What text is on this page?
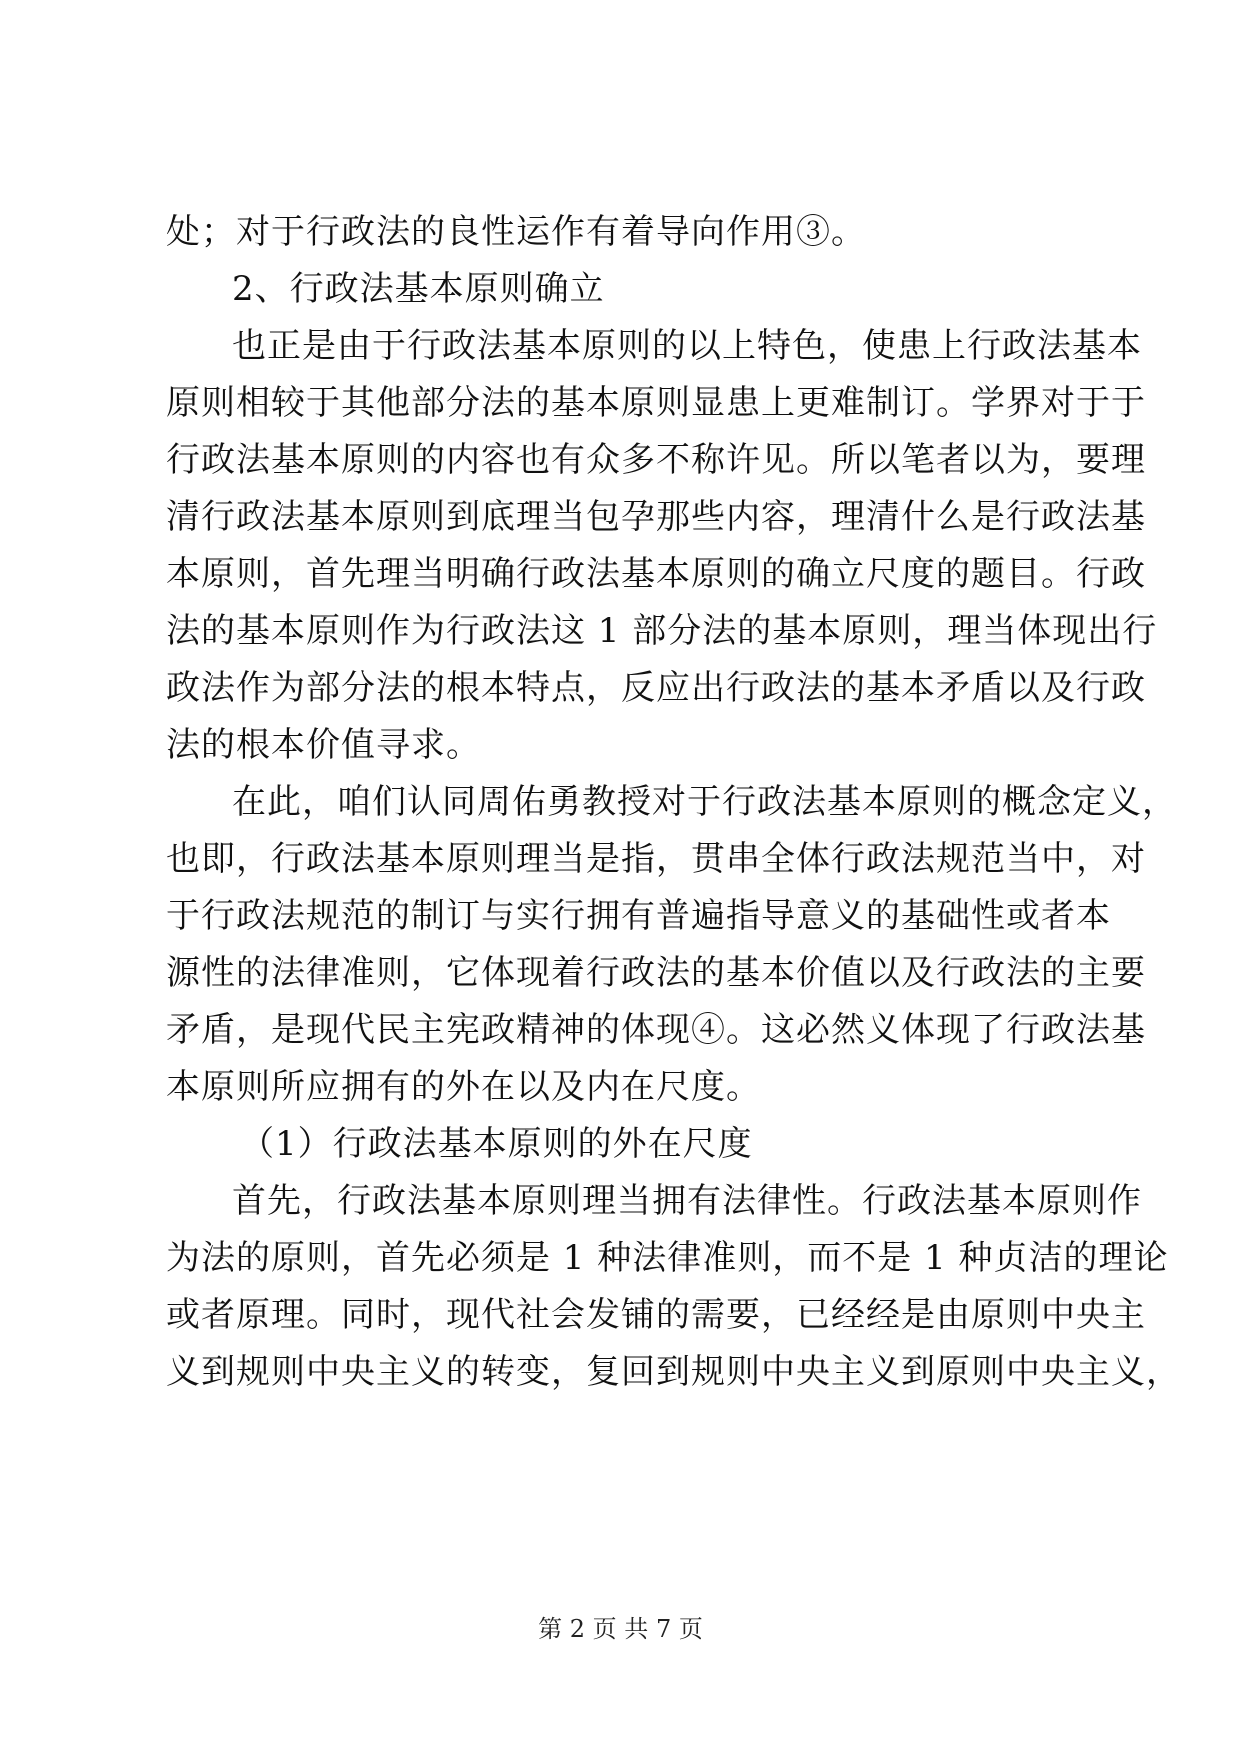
处；对于行政法的良性运作有着导向作用③。
2、行政法基本原则确立
也正是由于行政法基本原则的以上特色，使患上行政法基本
原则相较于其他部分法的基本原则显患上更难制订。学界对于于
行政法基本原则的内容也有众多不称许见。所以笔者以为，要理
清行政法基本原则到底理当包孕那些内容，理清什么是行政法基
本原则，首先理当明确行政法基本原则的确立尺度的题目。行政
法的基本原则作为行政法这 1 部分法的基本原则，理当体现出行
政法作为部分法的根本特点，反应出行政法的基本矛盾以及行政
法的根本价值寻求。
在此，咱们认同周佑勇教授对于行政法基本原则的概念定义，
也即，行政法基本原则理当是指，贯串全体行政法规范当中，对
于行政法规范的制订与实行拥有普遍指导意义的基础性或者本
源性的法律准则，它体现着行政法的基本价值以及行政法的主要
矛盾，是现代民主宪政精神的体现④。这必然义体现了行政法基
本原则所应拥有的外在以及内在尺度。
（1）行政法基本原则的外在尺度
首先，行政法基本原则理当拥有法律性。行政法基本原则作
为法的原则，首先必须是 1 种法律准则，而不是 1 种贞洁的理论
或者原理。同时，现代社会发铺的需要，已经经是由原则中央主
义到规则中央主义的转变，复回到规则中央主义到原则中央主义，
第 2 页 共 7 页
